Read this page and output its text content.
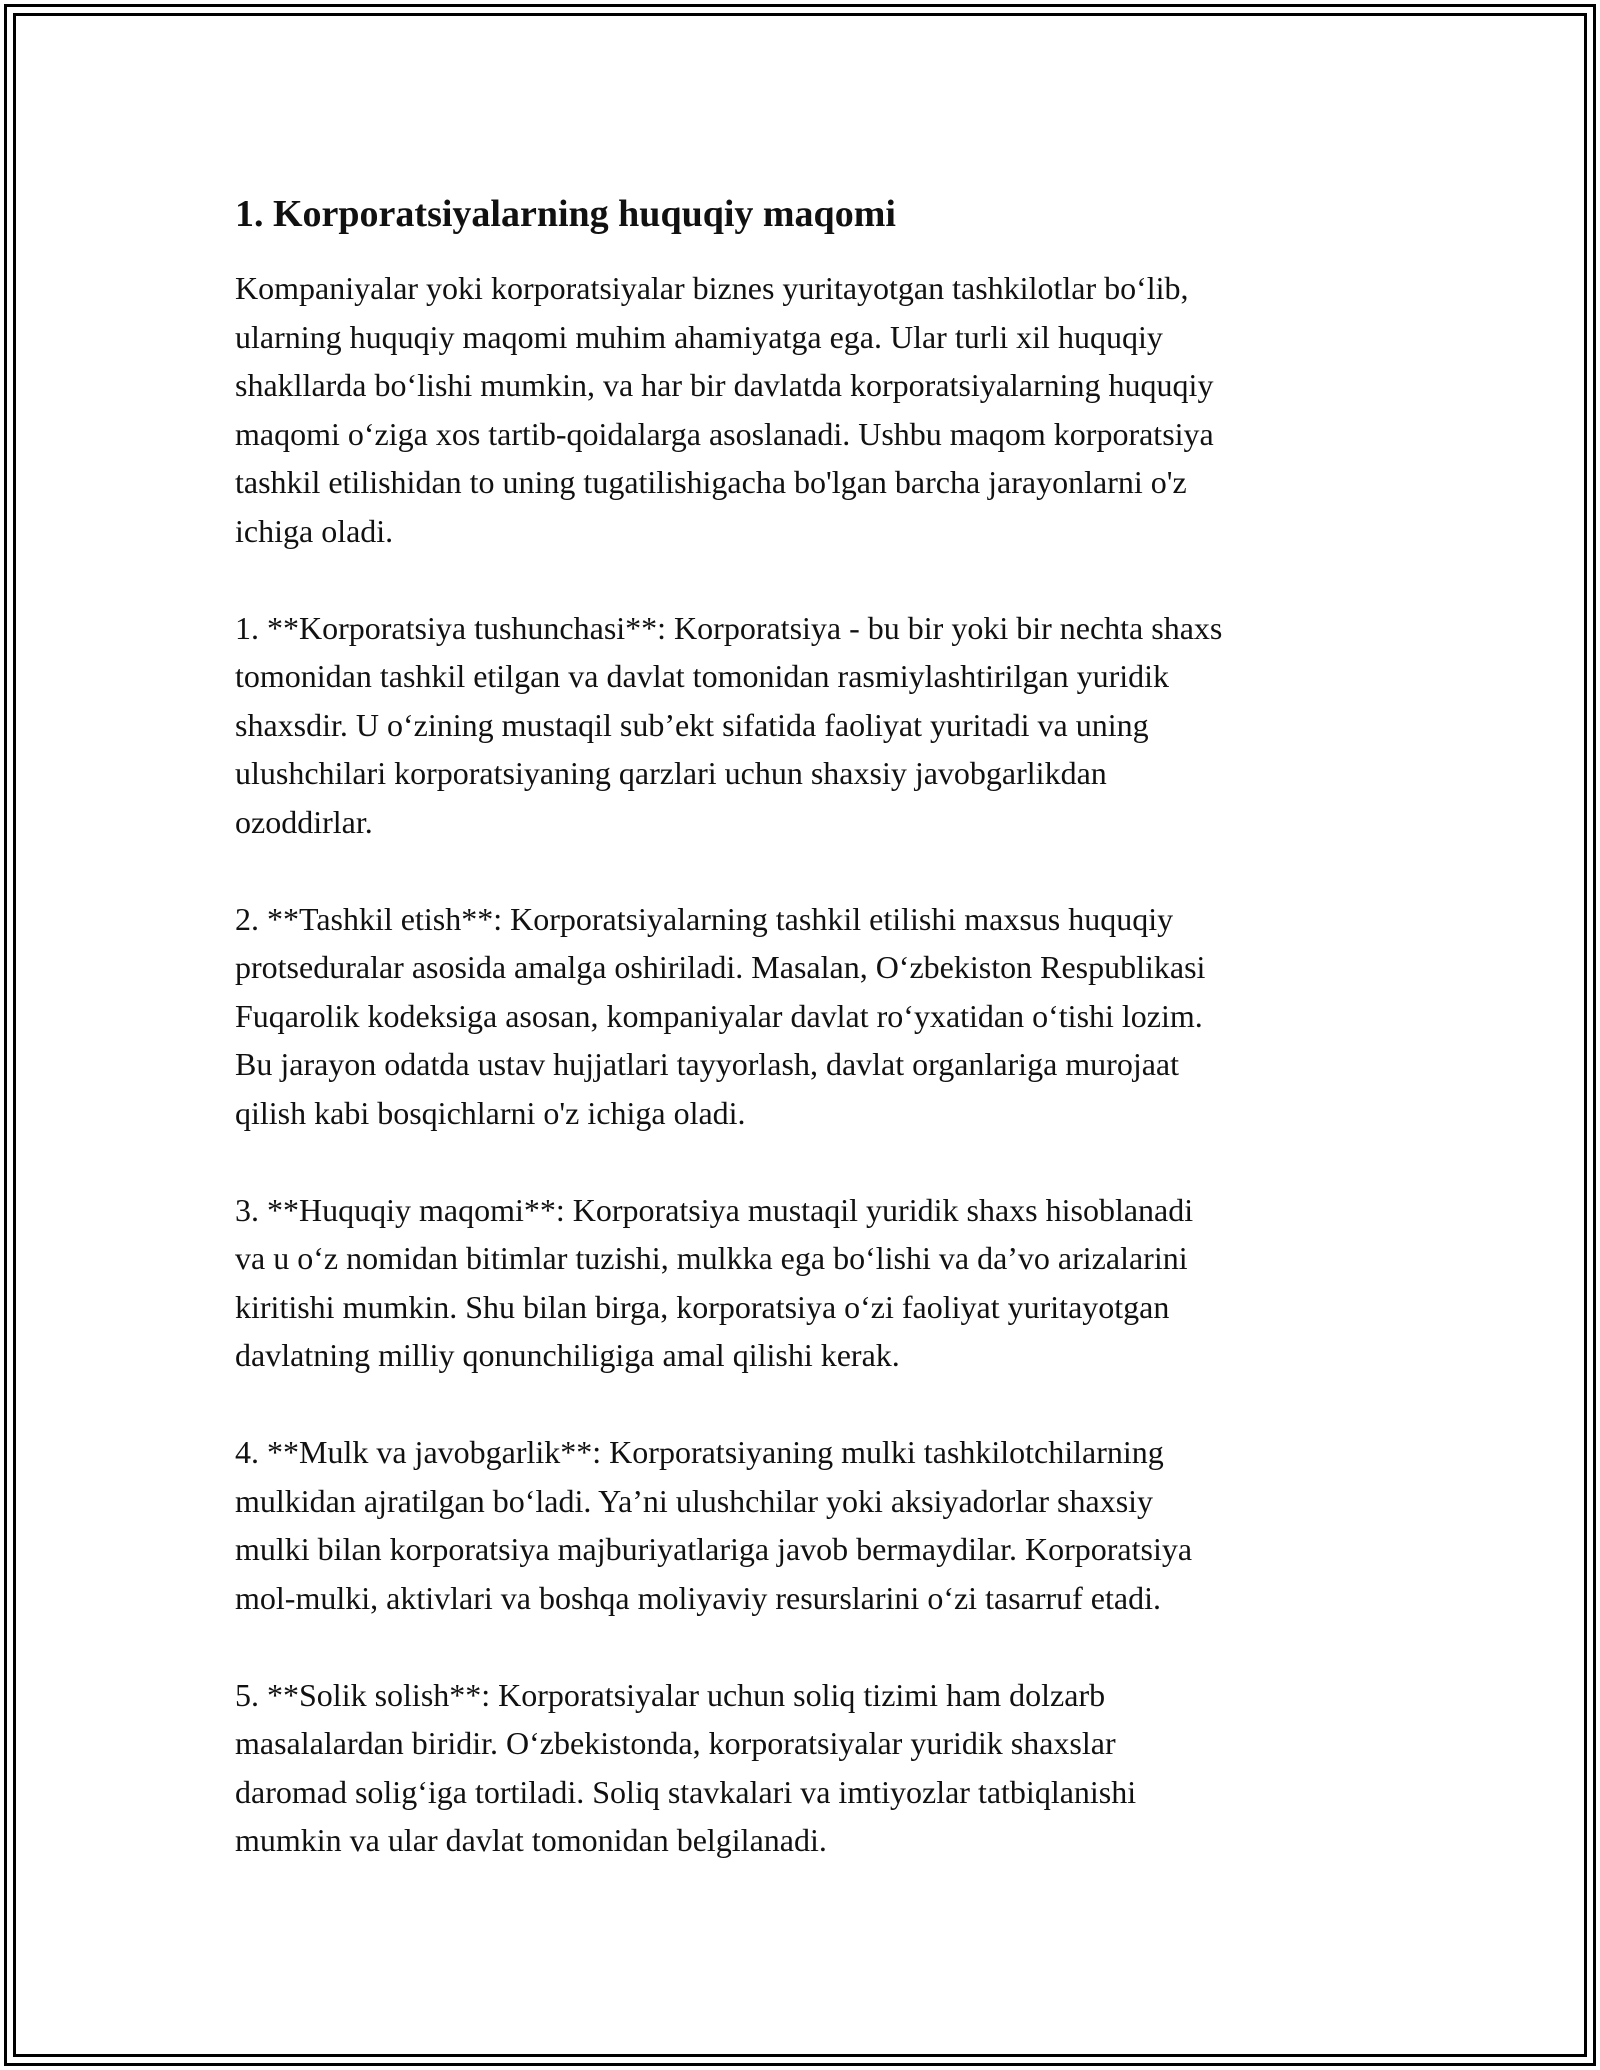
1. Korporatsiyalarning huquqiy maqomi

Kompaniyalar yoki korporatsiyalar biznes yuritayotgan tashkilotlar bo‘lib,
ularning huquqiy maqomi muhim ahamiyatga ega. Ular turli xil huquqiy
shakllarda bo‘lishi mumkin, va har bir davlatda korporatsiyalarning huquqiy
maqomi o‘ziga xos tartib-qoidalarga asoslanadi. Ushbu maqom korporatsiya
tashkil etilishidan to uning tugatilishigacha bo'lgan barcha jarayonlarni o'z
ichiga oladi.

1. **Korporatsiya tushunchasi**: Korporatsiya - bu bir yoki bir nechta shaxs
tomonidan tashkil etilgan va davlat tomonidan rasmiylashtirilgan yuridik
shaxsdir. U o‘zining mustaqil sub’ekt sifatida faoliyat yuritadi va uning
ulushchilari korporatsiyaning qarzlari uchun shaxsiy javobgarlikdan
ozoddirlar.

2. **Tashkil etish**: Korporatsiyalarning tashkil etilishi maxsus huquqiy
protseduralar asosida amalga oshiriladi. Masalan, O‘zbekiston Respublikasi
Fuqarolik kodeksiga asosan, kompaniyalar davlat ro‘yxatidan o‘tishi lozim.
Bu jarayon odatda ustav hujjatlari tayyorlash, davlat organlariga murojaat
qilish kabi bosqichlarni o'z ichiga oladi.

3. **Huquqiy maqomi**: Korporatsiya mustaqil yuridik shaxs hisoblanadi
va u o‘z nomidan bitimlar tuzishi, mulkka ega bo‘lishi va da’vo arizalarini
kiritishi mumkin. Shu bilan birga, korporatsiya o‘zi faoliyat yuritayotgan
davlatning milliy qonunchiligiga amal qilishi kerak.

4. **Mulk va javobgarlik**: Korporatsiyaning mulki tashkilotchilarning
mulkidan ajratilgan bo‘ladi. Ya’ni ulushchilar yoki aksiyadorlar shaxsiy
mulki bilan korporatsiya majburiyatlariga javob bermaydilar. Korporatsiya
mol-mulki, aktivlari va boshqa moliyaviy resurslarini o‘zi tasarruf etadi.

5. **Solik solish**: Korporatsiyalar uchun soliq tizimi ham dolzarb
masalalardan biridir. O‘zbekistonda, korporatsiyalar yuridik shaxslar
daromad solig‘iga tortiladi. Soliq stavkalari va imtiyozlar tatbiqlanishi
mumkin va ular davlat tomonidan belgilanadi.
